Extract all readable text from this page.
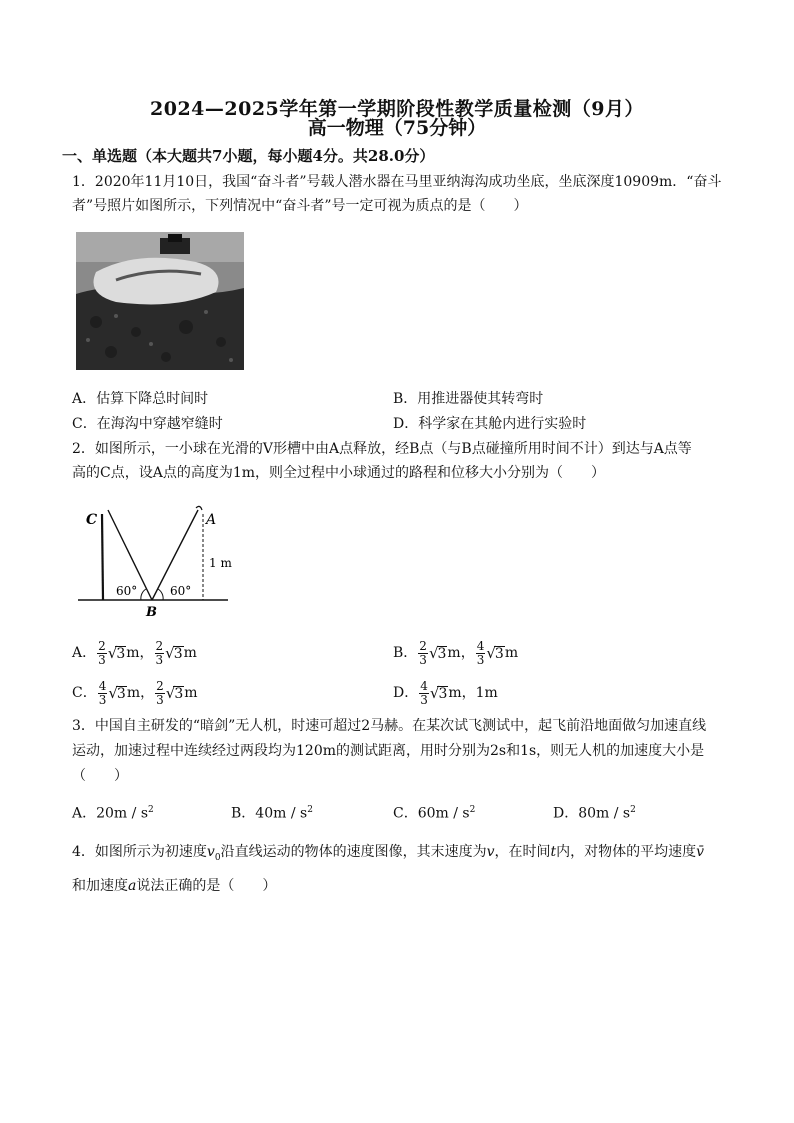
2024—2025学年第一学期阶段性教学质量检测（9月）
高一物理（75分钟）
一、单选题（本大题共7小题，每小题4分。共28.0分）
1．2020年11月10日，我国“奋斗者”号载人潜水器在马里亚纳海沟成功坐底，坐底深度10909m．“奋斗
者”号照片如图所示，下列情况中“奋斗者”号一定可视为质点的是（　　）
A．估算下降总时间时	B．用推进器使其转弯时
C．在海沟中穿越窄缝时	D．科学家在其舱内进行实验时
2．如图所示，一小球在光滑的V形槽中由A点释放，经B点（与B点碰撞所用时间不计）到达与A点等
高的C点，设A点的高度为1m，则全过程中小球通过的路程和位移大小分别为（　　）
C	A
B
60°	60°
1 m
A． $\frac{2}{3}$ √ 3 m， $\frac{2}{3}$ √ 3 m	B． $\frac{2}{3}$ √ 3 m， $\frac{4}{3}$ √ 3 m
C． $\frac{4}{3}$ √ 3 m， $\frac{2}{3}$ √ 3 m	D． $\frac{4}{3}$ √ 3 m，1m
3．中国自主研发的“暗剑”无人机，时速可超过2马赫。在某次试飞测试中，起飞前沿地面做匀加速直线
运动，加速过程中连续经过两段均为120m的测试距离，用时分别为2s和1s，则无人机的加速度大小是
（　　）
A．$20m / s^2$	B．$40m / s^2$	C．$60m / s^2$	D．$80m / s^2$
4．如图所示为初速度$v_0$沿直线运动的物体的速度图像，其末速度为v，在时间t内，对物体的平均速度v̄
和加速度a说法正确的是（　　）
